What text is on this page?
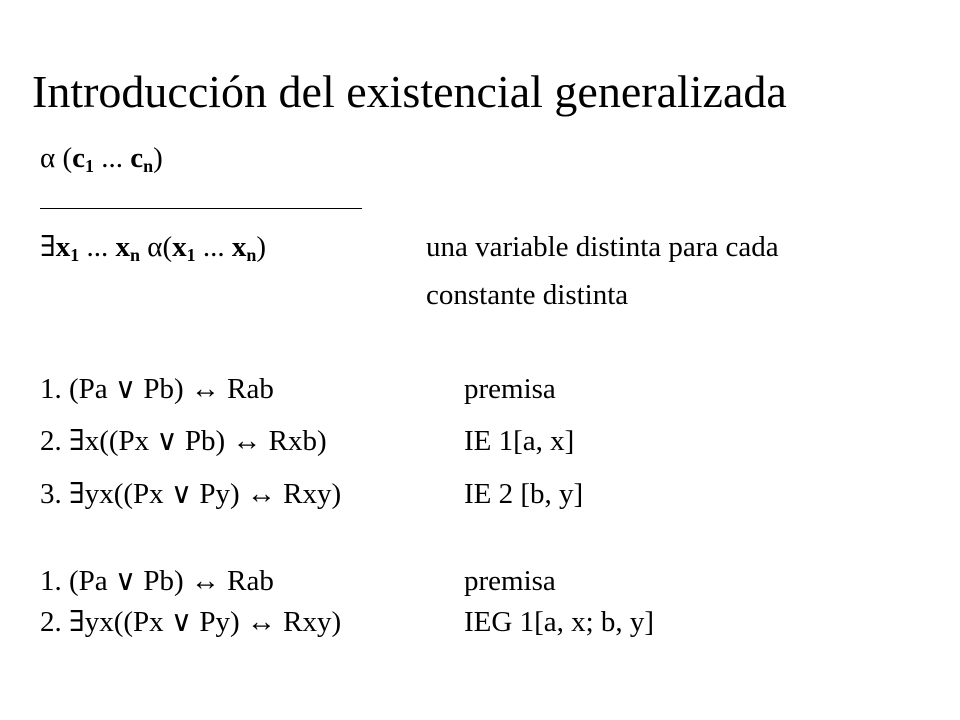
Introducción del existencial generalizada
α ($c_1$ ... $c_n$)
$\exists x_1$ ... $x_n$ $\alpha(x_1$ ... $x_n$)	una variable distinta para cada
constante distinta
1. (Pa ∨ Pb) ↔ Rab	premisa
2. ∃x((Px ∨ Pb) ↔ Rxb)	IE 1[a, x]
3. ∃yx((Px ∨ Py) ↔ Rxy)	IE 2 [b, y]
1. (Pa ∨ Pb) ↔ Rab	premisa
2. ∃yx((Px ∨ Py) ↔ Rxy)	IEG 1[a, x; b, y]
